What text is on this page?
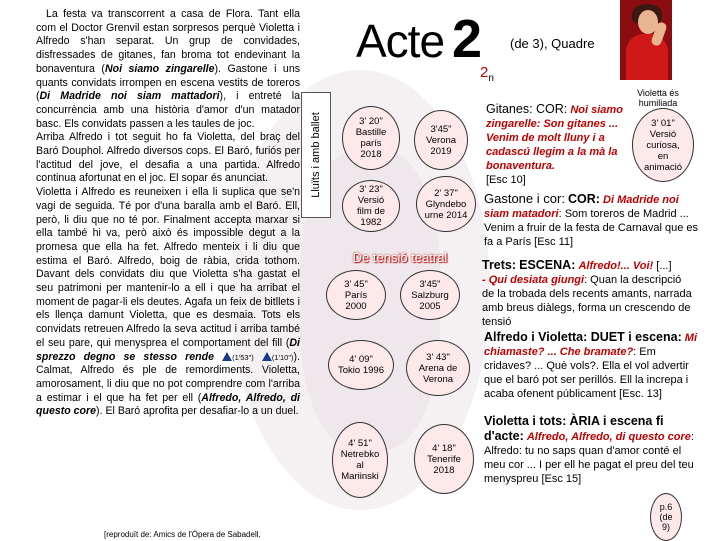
La festa va transcorrent a casa de Flora. Tant ella com el Doctor Grenvil estan sorpresos perquè Violetta i Alfredo s'han separat. Un grup de convidades, disfressades de gitanes, fan broma tot endevinant la bonaventura (Noi siamo zingarelle). Gastone i uns quants convidats irrompen en escena vestits de toreros (Di Madride noi siam mattadori), i entreté la concurrència amb una història d'amor d'un matador basc. Els convidats passen a les taules de joc.

Arriba Alfredo i tot seguit ho fa Violetta, del braç del Baró Douphol. Alfredo diversos cops. El Baró, furiós per l'actitud del jove, el desafia a una partida. Alfredo continua afortunat en el joc. El sopar és anunciat.

Violetta i Alfredo es reuneixen i ella li suplica que se'n vagi de seguida. Té por d'una baralla amb el Baró. Ell, però, li diu que no té por. Finalment accepta marxar si ella també hi va, però això és impossible degut a la promesa que ella ha fet. Alfredo menteix i li diu que estima el Baró. Alfredo, boig de ràbia, crida tothom. Davant dels convidats diu que Violetta s'ha gastat el seu patrimoni per mantenir-lo a ell i que ha arribat el moment de pagar-li els deutes. Agafa un feix de bitllets i els llença damunt Violetta, que es desmaia. Tots els convidats retreuen Alfredo la seva actitud i arriba també el seu pare, qui menysprea el comportament del fill (Di sprezzo degno se stesso rende (1'53") (1'10")). Calmat, Alfredo és ple de remordiments. Violetta, amorosament, li diu que no pot comprendre com l'arriba a estimar i el que ha fet per ell (Alfredo, Alfredo, di questo core). El Baró aprofita per desafiar-lo a un duel.

[reproduït de: Amics de l'Òpera de Sabadell,
Lluïts i amb ballet
Acte 2 (de 3), Quadre
$2_n$
3' 20"
Bastille
parís
2018
3'45"
Verona
2019
3' 23"
Versió
film de
1982
2' 37"
Glyndebo
urne 2014
De tensió teatral
3' 45"
París
2000
3'45"
Salzburg
2005
4' 09"
Tokio 1996
3' 43"
Arena de
Verona
4' 51"
Netrebko
al
Mariinski
4' 18"
Tenerife
2018
Violetta és humiliada
3' 01"
Versió
curiosa,
en
animació
Gitanes: COR: Noi siamo zingarelle: Son gitanes ... Venim de molt lluny i a cadascú llegim a la mà la bonaventura.
[Esc 10]
Gastone i cor: COR: Di Madride noi siam matadori: Som toreros de Madrid ... Venim a fruir de la festa de Carnaval que es fa a París [Esc 11]
Trets: ESCENA: Alfredo!... Voi! [...]
- Qui desiata giungi: Quan la descripció de la trobada dels recents amants, narrada amb breus diàlegs, forma un crescendo de tensió
Alfredo i Violetta: DUET i escena: Mi chiamaste? ... Che bramate?: Em cridaves? ... Què vols?. Ella el vol advertir que el baró pot ser perillós. Ell la increpa i acaba ofenent públicament [Esc. 13]
Violetta i tots: ÀRIA i escena fi d'acte: Alfredo, Alfredo, di questo core: Alfredo: tu no saps quan d'amor conté el meu cor ... I per ell he pagat el preu del teu menyspreu [Esc 15]
p.6
(de
9)
